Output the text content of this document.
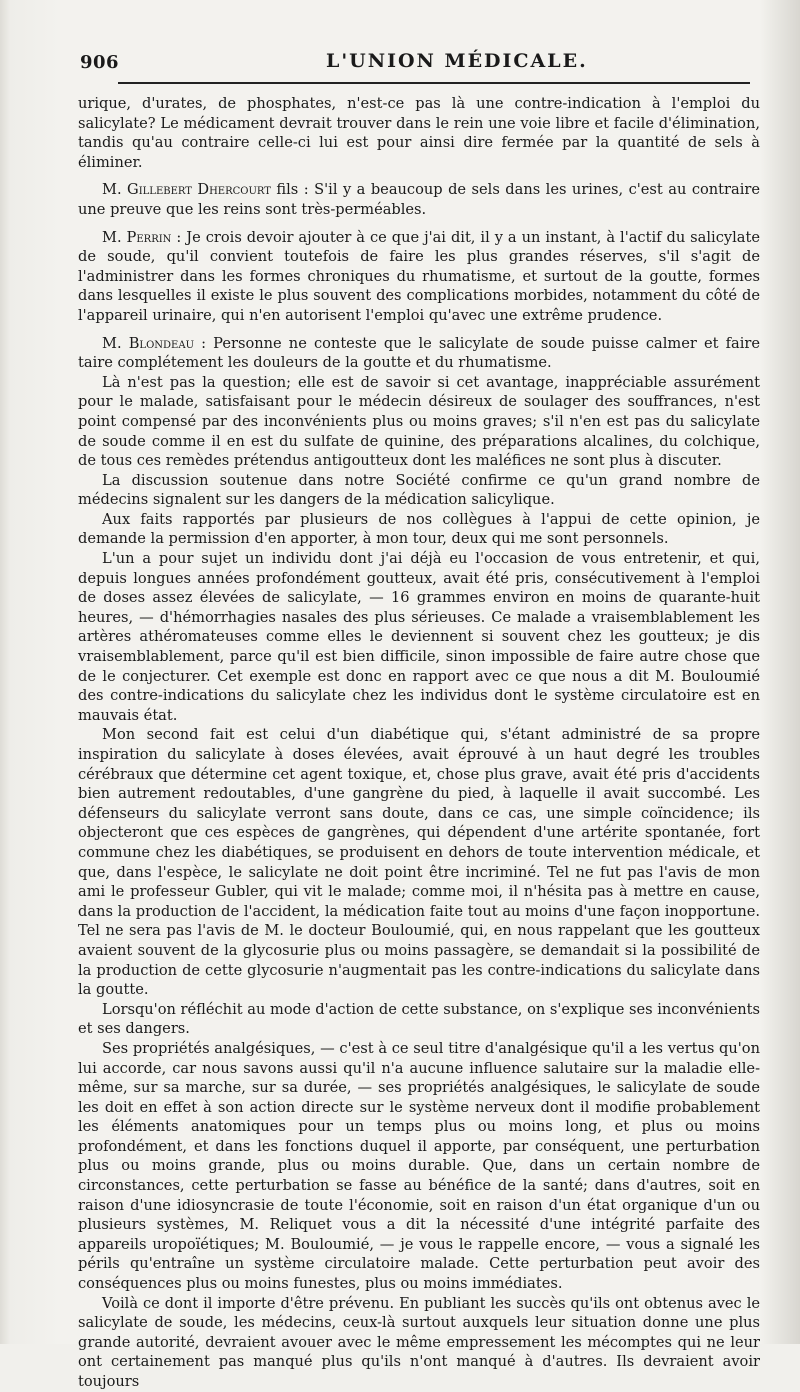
906	L'UNION MÉDICALE.

urique, d'urates, de phosphates, n'est-ce pas là une contre-indication à l'emploi du salicylate? Le médicament devrait trouver dans le rein une voie libre et facile d'élimination, tandis qu'au contraire celle-ci lui est pour ainsi dire fermée par la quantité de sels à éliminer.

M. Gillebert Dhercourt fils : S'il y a beaucoup de sels dans les urines, c'est au contraire une preuve que les reins sont très-perméables.

M. Perrin : Je crois devoir ajouter à ce que j'ai dit, il y a un instant, à l'actif du salicylate de soude, qu'il convient toutefois de faire les plus grandes réserves, s'il s'agit de l'administrer dans les formes chroniques du rhumatisme, et surtout de la goutte, formes dans lesquelles il existe le plus souvent des complications morbides, notamment du côté de l'appareil urinaire, qui n'en autorisent l'emploi qu'avec une extrême prudence.

M. Blondeau : Personne ne conteste que le salicylate de soude puisse calmer et faire taire complétement les douleurs de la goutte et du rhumatisme.

Là n'est pas la question; elle est de savoir si cet avantage, inappréciable assurément pour le malade, satisfaisant pour le médecin désireux de soulager des souffrances, n'est point compensé par des inconvénients plus ou moins graves; s'il n'en est pas du salicylate de soude comme il en est du sulfate de quinine, des préparations alcalines, du colchique, de tous ces remèdes prétendus antigoutteux dont les maléfices ne sont plus à discuter.

La discussion soutenue dans notre Société confirme ce qu'un grand nombre de médecins signalent sur les dangers de la médication salicylique.

Aux faits rapportés par plusieurs de nos collègues à l'appui de cette opinion, je demande la permission d'en apporter, à mon tour, deux qui me sont personnels.

L'un a pour sujet un individu dont j'ai déjà eu l'occasion de vous entretenir, et qui, depuis longues années profondément goutteux, avait été pris, consécutivement à l'emploi de doses assez élevées de salicylate, — 16 grammes environ en moins de quarante-huit heures, — d'hémorrhagies nasales des plus sérieuses. Ce malade a vraisemblablement les artères athéromateuses comme elles le deviennent si souvent chez les goutteux; je dis vraisemblablement, parce qu'il est bien difficile, sinon impossible de faire autre chose que de le conjecturer. Cet exemple est donc en rapport avec ce que nous a dit M. Bouloumié des contre-indications du salicylate chez les individus dont le système circulatoire est en mauvais état.

Mon second fait est celui d'un diabétique qui, s'étant administré de sa propre inspiration du salicylate à doses élevées, avait éprouvé à un haut degré les troubles cérébraux que détermine cet agent toxique, et, chose plus grave, avait été pris d'accidents bien autrement redoutables, d'une gangrène du pied, à laquelle il avait succombé. Les défenseurs du salicylate verront sans doute, dans ce cas, une simple coïncidence; ils objecteront que ces espèces de gangrènes, qui dépendent d'une artérite spontanée, fort commune chez les diabétiques, se produisent en dehors de toute intervention médicale, et que, dans l'espèce, le salicylate ne doit point être incriminé. Tel ne fut pas l'avis de mon ami le professeur Gubler, qui vit le malade; comme moi, il n'hésita pas à mettre en cause, dans la production de l'accident, la médication faite tout au moins d'une façon inopportune. Tel ne sera pas l'avis de M. le docteur Bouloumié, qui, en nous rappelant que les goutteux avaient souvent de la glycosurie plus ou moins passagère, se demandait si la possibilité de la production de cette glycosurie n'augmentait pas les contre-indications du salicylate dans la goutte.

Lorsqu'on réfléchit au mode d'action de cette substance, on s'explique ses inconvénients et ses dangers.

Ses propriétés analgésiques, — c'est à ce seul titre d'analgésique qu'il a les vertus qu'on lui accorde, car nous savons aussi qu'il n'a aucune influence salutaire sur la maladie elle-même, sur sa marche, sur sa durée, — ses propriétés analgésiques, le salicylate de soude les doit en effet à son action directe sur le système nerveux dont il modifie probablement les éléments anatomiques pour un temps plus ou moins long, et plus ou moins profondément, et dans les fonctions duquel il apporte, par conséquent, une perturbation plus ou moins grande, plus ou moins durable. Que, dans un certain nombre de circonstances, cette perturbation se fasse au bénéfice de la santé; dans d'autres, soit en raison d'une idiosyncrasie de toute l'économie, soit en raison d'un état organique d'un ou plusieurs systèmes, M. Reliquet vous a dit la nécessité d'une intégrité parfaite des appareils uropoïétiques; M. Bouloumié, — je vous le rappelle encore, — vous a signalé les périls qu'entraîne un système circulatoire malade. Cette perturbation peut avoir des conséquences plus ou moins funestes, plus ou moins immédiates.

Voilà ce dont il importe d'être prévenu. En publiant les succès qu'ils ont obtenus avec le salicylate de soude, les médecins, ceux-là surtout auxquels leur situation donne une plus grande autorité, devraient avouer avec le même empressement les mécomptes qui ne leur ont certainement pas manqué plus qu'ils n'ont manqué à d'autres. Ils devraient avoir toujours
